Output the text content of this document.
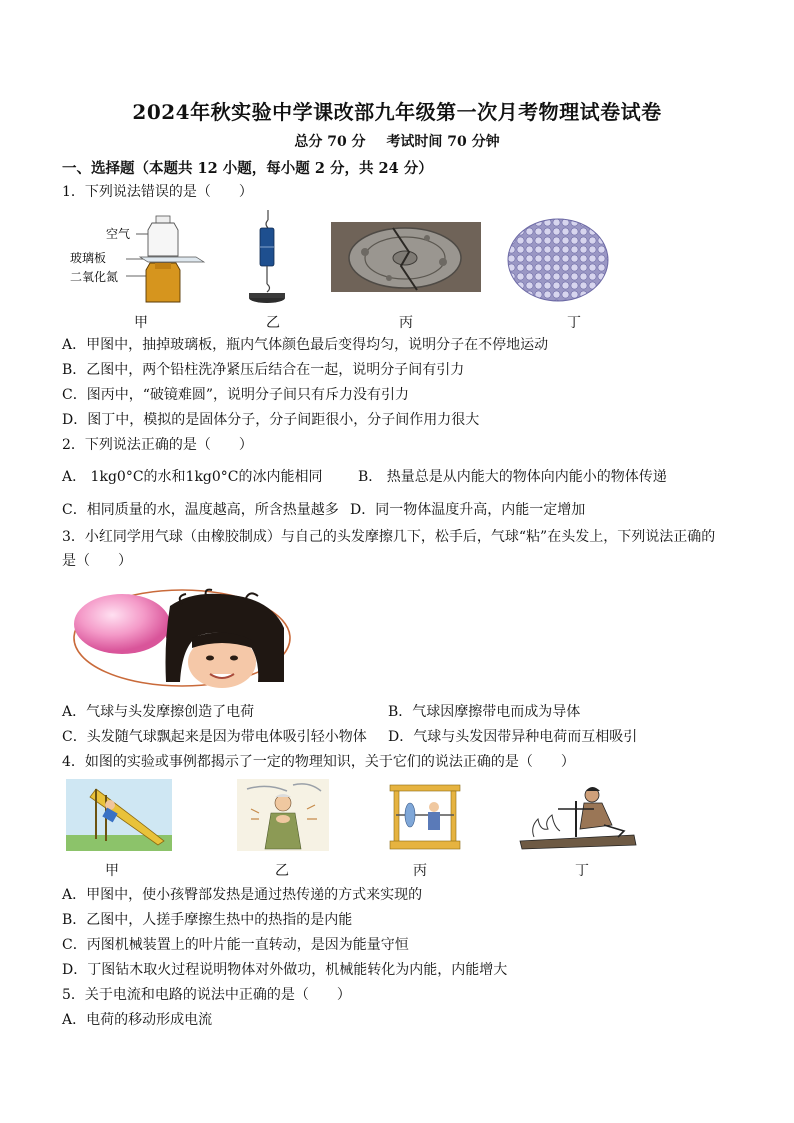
2024年秋实验中学课改部九年级第一次月考物理试卷试卷
总分 70 分 考试时间 70 分钟
一、选择题（本题共 12 小题，每小题 2 分，共 24 分）
1．下列说法错误的是（　　）
空气
玻璃板
二氧化氮
甲	乙	丙	丁
A．甲图中，抽掉玻璃板，瓶内气体颜色最后变得均匀，说明分子在不停地运动
B．乙图中，两个铅柱洗净紧压后结合在一起，说明分子间有引力
C．图丙中，“破镜难圆”，说明分子间只有斥力没有引力
D．图丁中，模拟的是固体分子，分子间距很小，分子间作用力很大
2．下列说法正确的是（　　）
A． 1kg0°C的水和1kg0°C的冰内能相同	B． 热量总是从内能大的物体向内能小的物体传递
C．相同质量的水，温度越高，所含热量越多 D．同一物体温度升高，内能一定增加
3．小红同学用气球（由橡胶制成）与自己的头发摩擦几下，松手后，气球“粘”在头发上，下列说法正确的
是（　　）
A．气球与头发摩擦创造了电荷	B．气球因摩擦带电而成为导体
C．头发随气球飘起来是因为带电体吸引轻小物体 D．气球与头发因带异种电荷而互相吸引
4．如图的实验或事例都揭示了一定的物理知识，关于它们的说法正确的是（　　）
甲	乙	丙	丁
A．甲图中，使小孩臀部发热是通过热传递的方式来实现的
B．乙图中，人搓手摩擦生热中的热指的是内能
C．丙图机械装置上的叶片能一直转动，是因为能量守恒
D．丁图钻木取火过程说明物体对外做功，机械能转化为内能，内能增大
5．关于电流和电路的说法中正确的是（　　）
A．电荷的移动形成电流
